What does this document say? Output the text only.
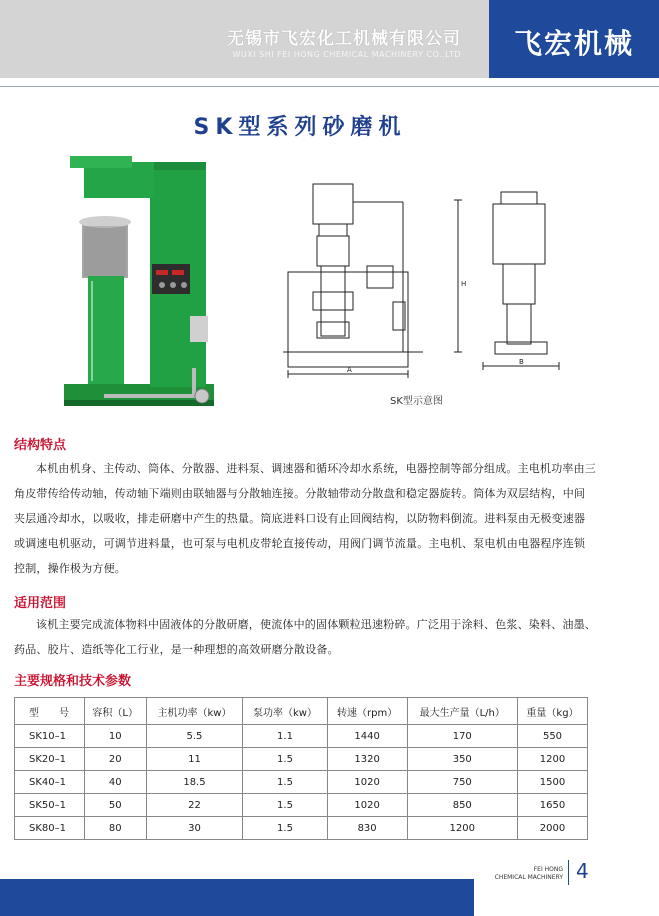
无锡市飞宏化工机械有限公司
WUXI SHI FEI HONG CHEMICAL MACHINERY CO.,LTD	飞宏机械
SK型系列砂磨机
A
B
H
SK型示意图
结构特点
本机由机身、主传动、筒体、分散器、进料泵、调速器和循环冷却水系统，电器控制等部分组成。主电机功率由三角皮带传给传动轴，传动轴下端则由联轴器与分散轴连接。分散轴带动分散盘和稳定器旋转。筒体为双层结构，中间夹层通冷却水，以吸收，排走研磨中产生的热量。筒底进料口设有止回阀结构，以防物料倒流。进料泵由无极变速器或调速电机驱动，可调节进料量，也可泵与电机皮带轮直接传动，用阀门调节流量。主电机、泵电机由电器程序连锁控制，操作极为方便。
适用范围
该机主要完成流体物料中固液体的分散研磨，使流体中的固体颗粒迅速粉碎。广泛用于涂料、色浆、染料、油墨、药品、胶片、造纸等化工行业，是一种理想的高效研磨分散设备。
主要规格和技术参数
型　　号	容积（L）	主机功率（kw）	泵功率（kw）	转速（rpm）	最大生产量（L/h）	重量（kg）
SK10–1	10	5.5	1.1	1440	170	550
SK20–1	20	11	1.5	1320	350	1200
SK40–1	40	18.5	1.5	1020	750	1500
SK50–1	50	22	1.5	1020	850	1650
SK80–1	80	30	1.5	830	1200	2000
FEI HONG
CHEMICAL MACHINERY 4
